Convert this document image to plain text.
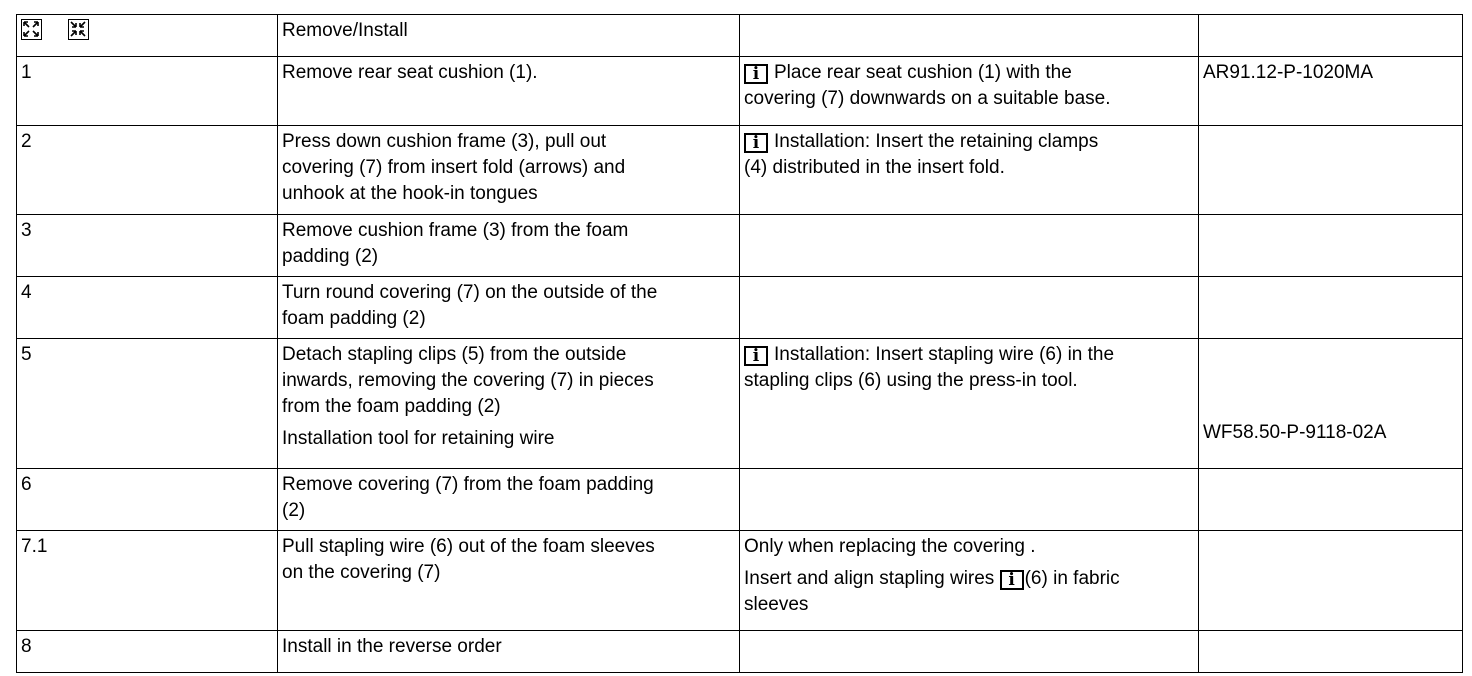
	Remove/Install		
1	Remove rear seat cushion (1).	i Place rear seat cushion (1) with the
covering (7) downwards on a suitable base.	AR91.12-P-1020MA
2	Press down cushion frame (3), pull out
covering (7) from insert fold (arrows) and
unhook at the hook-in tongues	i Installation: Insert the retaining clamps
(4) distributed in the insert fold.	

3	Remove cushion frame (3) from the foam
padding (2)		

4	Turn round covering (7) on the outside of the
foam padding (2)		

5	Detach stapling clips (5) from the outside
inwards, removing the covering (7) in pieces
from the foam padding (2)
Installation tool for retaining wire	i Installation: Insert stapling wire (6) in the
stapling clips (6) using the press-in tool.	WF58.50-P-9118-02A

6	Remove covering (7) from the foam padding
(2)		

7.1	Pull stapling wire (6) out of the foam sleeves
on the covering (7)	Only when replacing the covering .
Insert and align stapling wires i (6) in fabric
sleeves	

8	Install in the reverse order		
